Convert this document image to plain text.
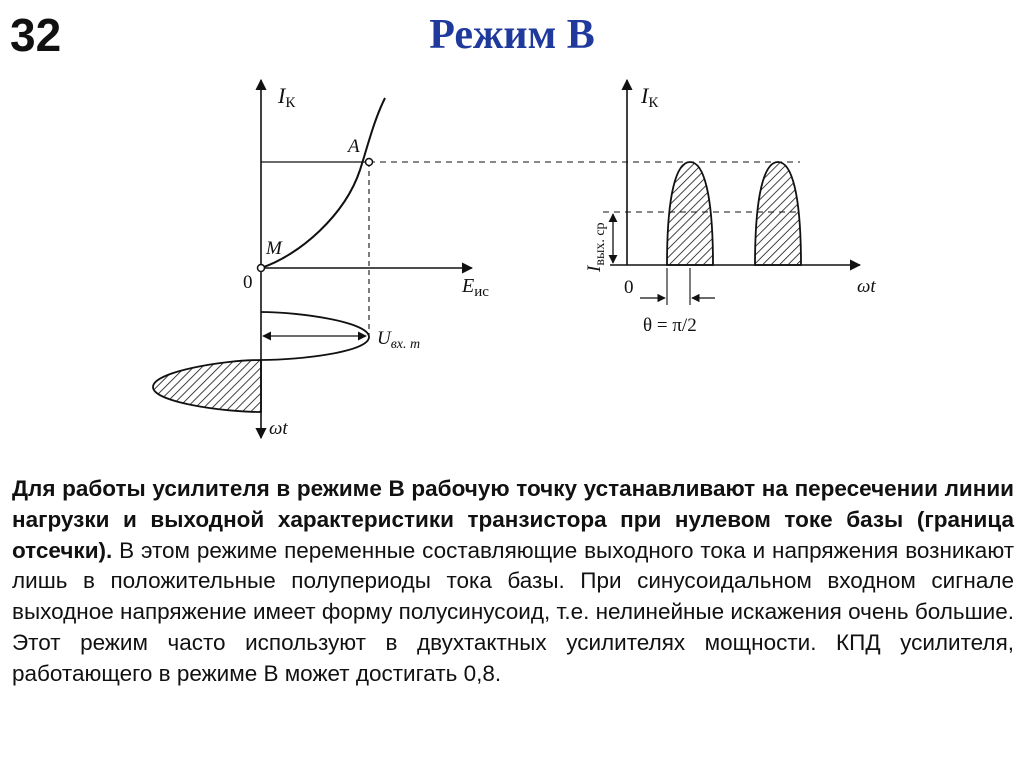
32	Режим В
IК
A
M
0	$E_{ис}$
$U_{вх. m}$
ωt
IК
0	ωt
$I_{вых. ср}$
θ = π/2
Для работы усилителя в режиме В рабочую точку устанавливают на пересечении линии нагрузки и выходной характеристики транзистора при нулевом токе базы (граница отсечки). В этом режиме переменные составляющие выходного тока и напряжения возникают лишь в положительные полупериоды тока базы. При синусоидальном входном сигнале выходное напряжение имеет форму полусинусоид, т.е. нелинейные искажения очень большие. Этот режим часто используют в двухтактных усилителях мощности. КПД усилителя, работающего в режиме В может достигать 0,8.
